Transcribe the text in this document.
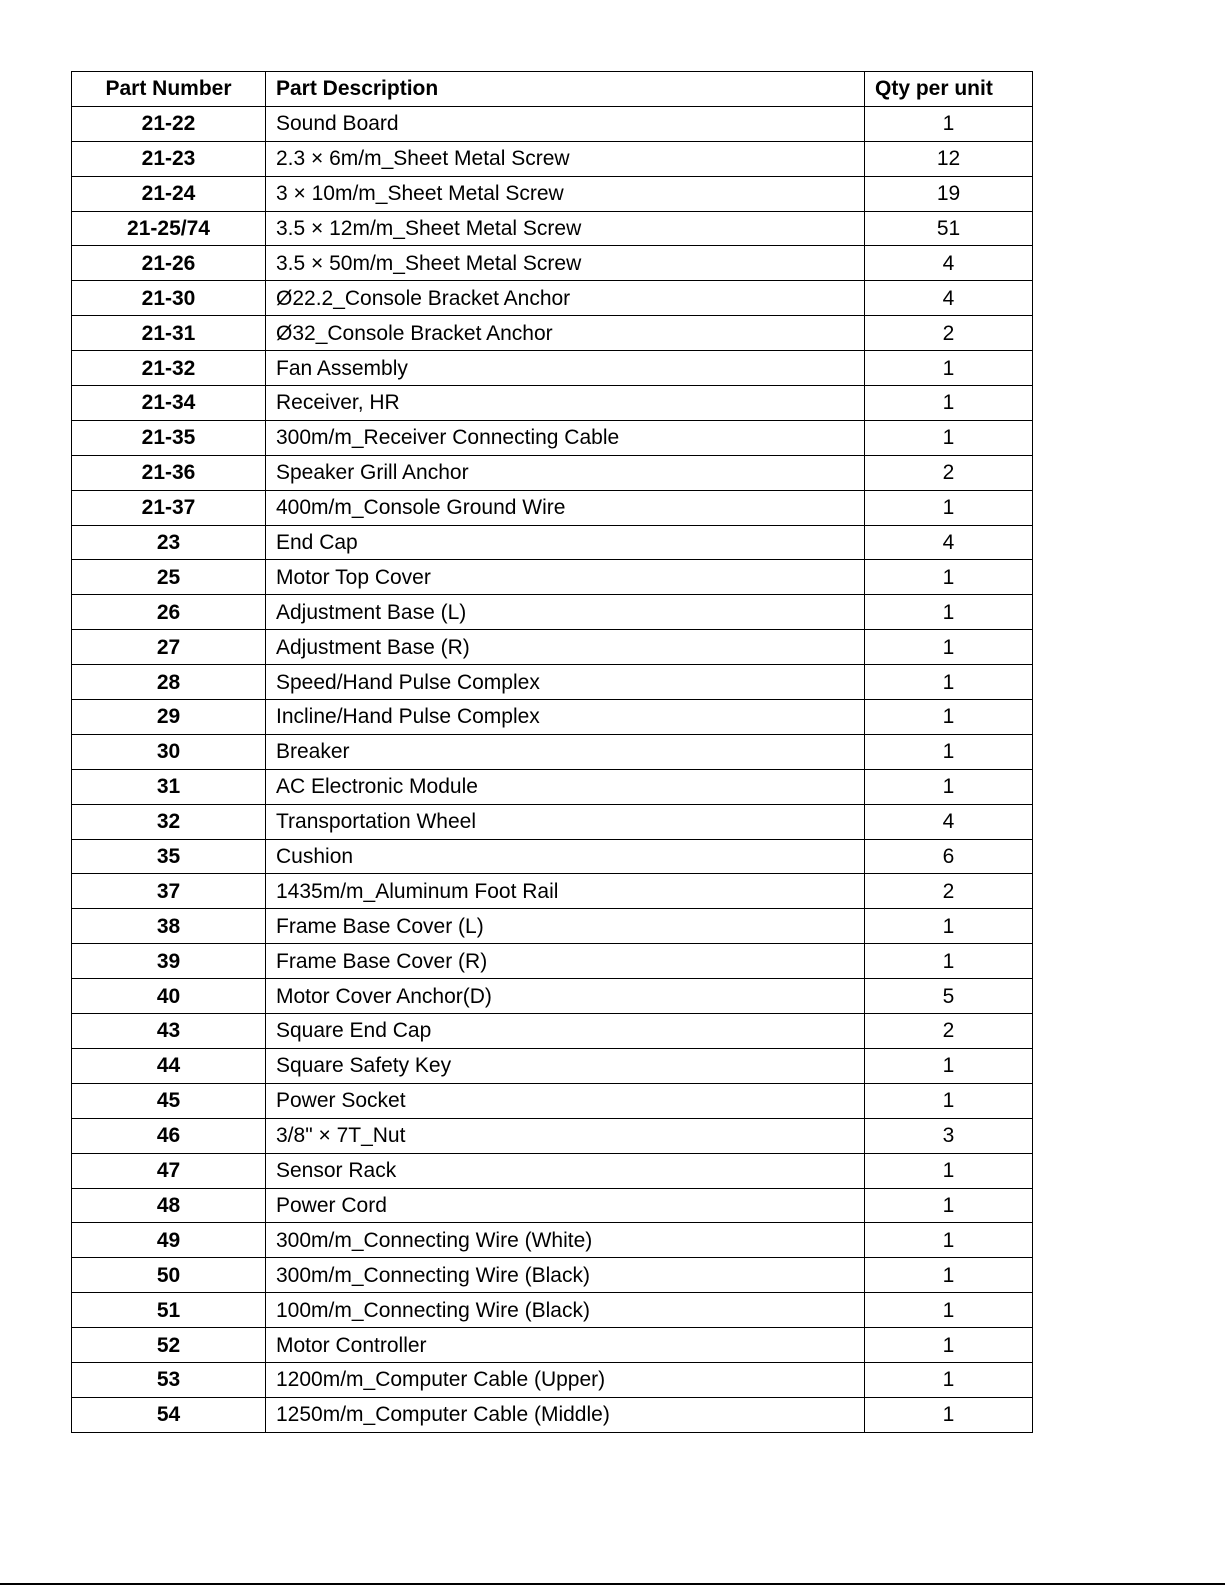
Part Number	Part Description	Qty per unit
21-22	Sound Board	1
21-23	2.3 × 6m/m_Sheet Metal Screw	12
21-24	3 × 10m/m_Sheet Metal Screw	19
21-25/74	3.5 × 12m/m_Sheet Metal Screw	51
21-26	3.5 × 50m/m_Sheet Metal Screw	4
21-30	Ø22.2_Console Bracket Anchor	4
21-31	Ø32_Console Bracket Anchor	2
21-32	Fan Assembly	1
21-34	Receiver, HR	1
21-35	300m/m_Receiver Connecting Cable	1
21-36	Speaker Grill Anchor	2
21-37	400m/m_Console Ground Wire	1
23	End Cap	4
25	Motor Top Cover	1
26	Adjustment Base (L)	1
27	Adjustment Base (R)	1
28	Speed/Hand Pulse Complex	1
29	Incline/Hand Pulse Complex	1
30	Breaker	1
31	AC Electronic Module	1
32	Transportation Wheel	4
35	Cushion	6
37	1435m/m_Aluminum Foot Rail	2
38	Frame Base Cover (L)	1
39	Frame Base Cover (R)	1
40	Motor Cover Anchor(D)	5
43	Square End Cap	2
44	Square Safety Key	1
45	Power Socket	1
46	3/8" × 7T_Nut	3
47	Sensor Rack	1
48	Power Cord	1
49	300m/m_Connecting Wire (White)	1
50	300m/m_Connecting Wire (Black)	1
51	100m/m_Connecting Wire (Black)	1
52	Motor Controller	1
53	1200m/m_Computer Cable (Upper)	1
54	1250m/m_Computer Cable (Middle)	1
